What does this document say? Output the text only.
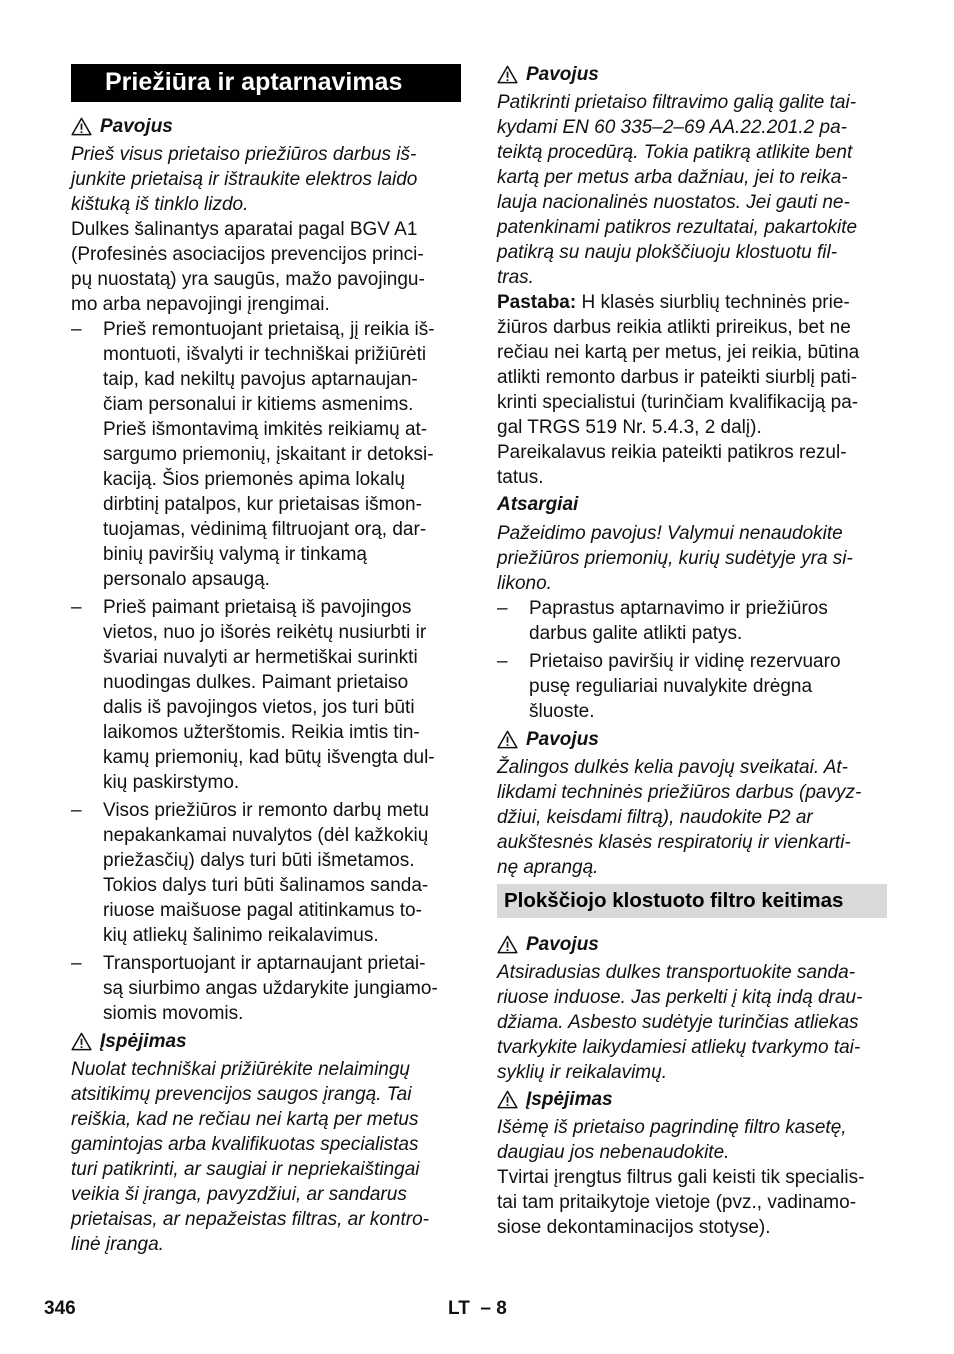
Priežiūra ir aptarnavimas
Pavojus

Prieš visus prietaiso priežiūros darbus iš-
junkite prietaisą ir ištraukite elektros laido
kištuką iš tinklo lizdo.

Dulkes šalinantys aparatai pagal BGV A1
(Profesinės asociacijos prevencijos princi-
pų nuostatą) yra saugūs, mažo pavojingu-
mo arba nepavojingi įrengimai.

– Prieš remontuojant prietaisą, jį reikia iš-
montuoti, išvalyti ir techniškai prižiūrėti
taip, kad nekiltų pavojus aptarnaujan-
čiam personalui ir kitiems asmenims.
Prieš išmontavimą imkitės reikiamų at-
sargumo priemonių, įskaitant ir detoksi-
kaciją. Šios priemonės apima lokalų
dirbtinį patalpos, kur prietaisas išmon-
tuojamas, vėdinimą filtruojant orą, dar-
binių paviršių valymą ir tinkamą
personalo apsaugą.
– Prieš paimant prietaisą iš pavojingos
vietos, nuo jo išorės reikėtų nusiurbti ir
švariai nuvalyti ar hermetiškai surinkti
nuodingas dulkes. Paimant prietaiso
dalis iš pavojingos vietos, jos turi būti
laikomos užterštomis. Reikia imtis tin-
kamų priemonių, kad būtų išvengta dul-
kių paskirstymo.
– Visos priežiūros ir remonto darbų metu
nepakankamai nuvalytos (dėl kažkokių
priežasčių) dalys turi būti išmetamos.
Tokios dalys turi būti šalinamos sanda-
riuose maišuose pagal atitinkamus to-
kių atliekų šalinimo reikalavimus.
– Transportuojant ir aptarnaujant prietai-
są siurbimo angas uždarykite jungiamo-
siomis movomis.
Įspėjimas

Nuolat techniškai prižiūrėkite nelaimingų
atsitikimų prevencijos saugos įrangą. Tai
reiškia, kad ne rečiau nei kartą per metus
gamintojas arba kvalifikuotas specialistas
turi patikrinti, ar saugiai ir nepriekaištingai
veikia ši įranga, pavyzdžiui, ar sandarus
prietaisas, ar nepažeistas filtras, ar kontro-
linė įranga.

Pavojus

Patikrinti prietaiso filtravimo galią galite tai-
kydami EN 60 335–2–69 AA.22.201.2 pa-
teiktą procedūrą. Tokia patikrą atlikite bent
kartą per metus arba dažniau, jei to reika-
lauja nacionalinės nuostatos. Jei gauti ne-
patenkinami patikros rezultatai, pakartokite
patikrą su nauju plokščiuoju klostuotu fil-
tras.

Pastaba: H klasės siurblių techninės prie-
žiūros darbus reikia atlikti prireikus, bet ne
rečiau nei kartą per metus, jei reikia, būtina
atlikti remonto darbus ir pateikti siurblį pati-
krinti specialistui (turinčiam kvalifikaciją pa-
gal TRGS 519 Nr. 5.4.3, 2 dalį).
Pareikalavus reikia pateikti patikros rezul-
tatus.

Atsargiai

Pažeidimo pavojus! Valymui nenaudokite
priežiūros priemonių, kurių sudėtyje yra si-
likono.

– Paprastus aptarnavimo ir priežiūros
darbus galite atlikti patys.
– Prietaiso paviršių ir vidinę rezervuaro
pusę reguliariai nuvalykite drėgna
šluoste.
Pavojus

Žalingos dulkės kelia pavojų sveikatai. At-
likdami techninės priežiūros darbus (pavyz-
džiui, keisdami filtrą), naudokite P2 ar
aukštesnės klasės respiratorių ir vienkarti-
nę aprangą.

Plokščiojo klostuoto filtro keitimas
Pavojus

Atsiradusias dulkes transportuokite sanda-
riuose induose. Jas perkelti į kitą indą drau-
džiama. Asbesto sudėtyje turinčias atliekas
tvarkykite laikydamiesi atliekų tvarkymo tai-
syklių ir reikalavimų.

Įspėjimas

Išėmę iš prietaiso pagrindinę filtro kasetę,
daugiau jos nebenaudokite.

Tvirtai įrengtus filtrus gali keisti tik specialis-
tai tam pritaikytoje vietoje (pvz., vadinamo-
siose dekontaminacijos stotyse).

346	LT  – 8
